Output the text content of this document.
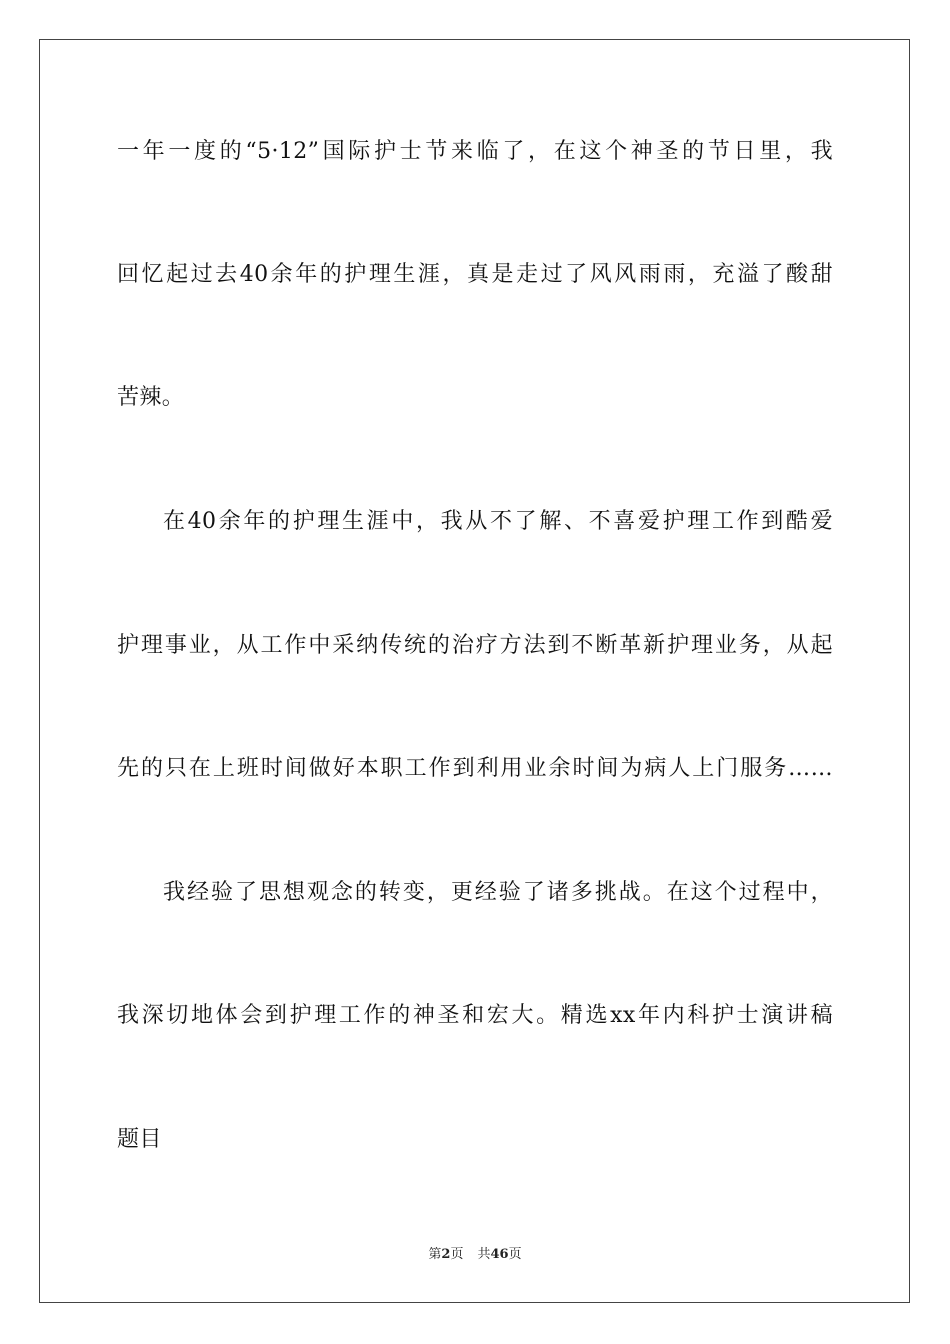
一年一度的“5·12”国际护士节来临了，在这个神圣的节日里，我
回忆起过去40余年的护理生涯，真是走过了风风雨雨，充溢了酸甜
苦辣。
在40余年的护理生涯中，我从不了解、不喜爱护理工作到酷爱
护理事业，从工作中采纳传统的治疗方法到不断革新护理业务，从起
先的只在上班时间做好本职工作到利用业余时间为病人上门服务……
我经验了思想观念的转变，更经验了诸多挑战。在这个过程中，
我深切地体会到护理工作的神圣和宏大。精选xx年内科护士演讲稿
题目
第2页 共46页
